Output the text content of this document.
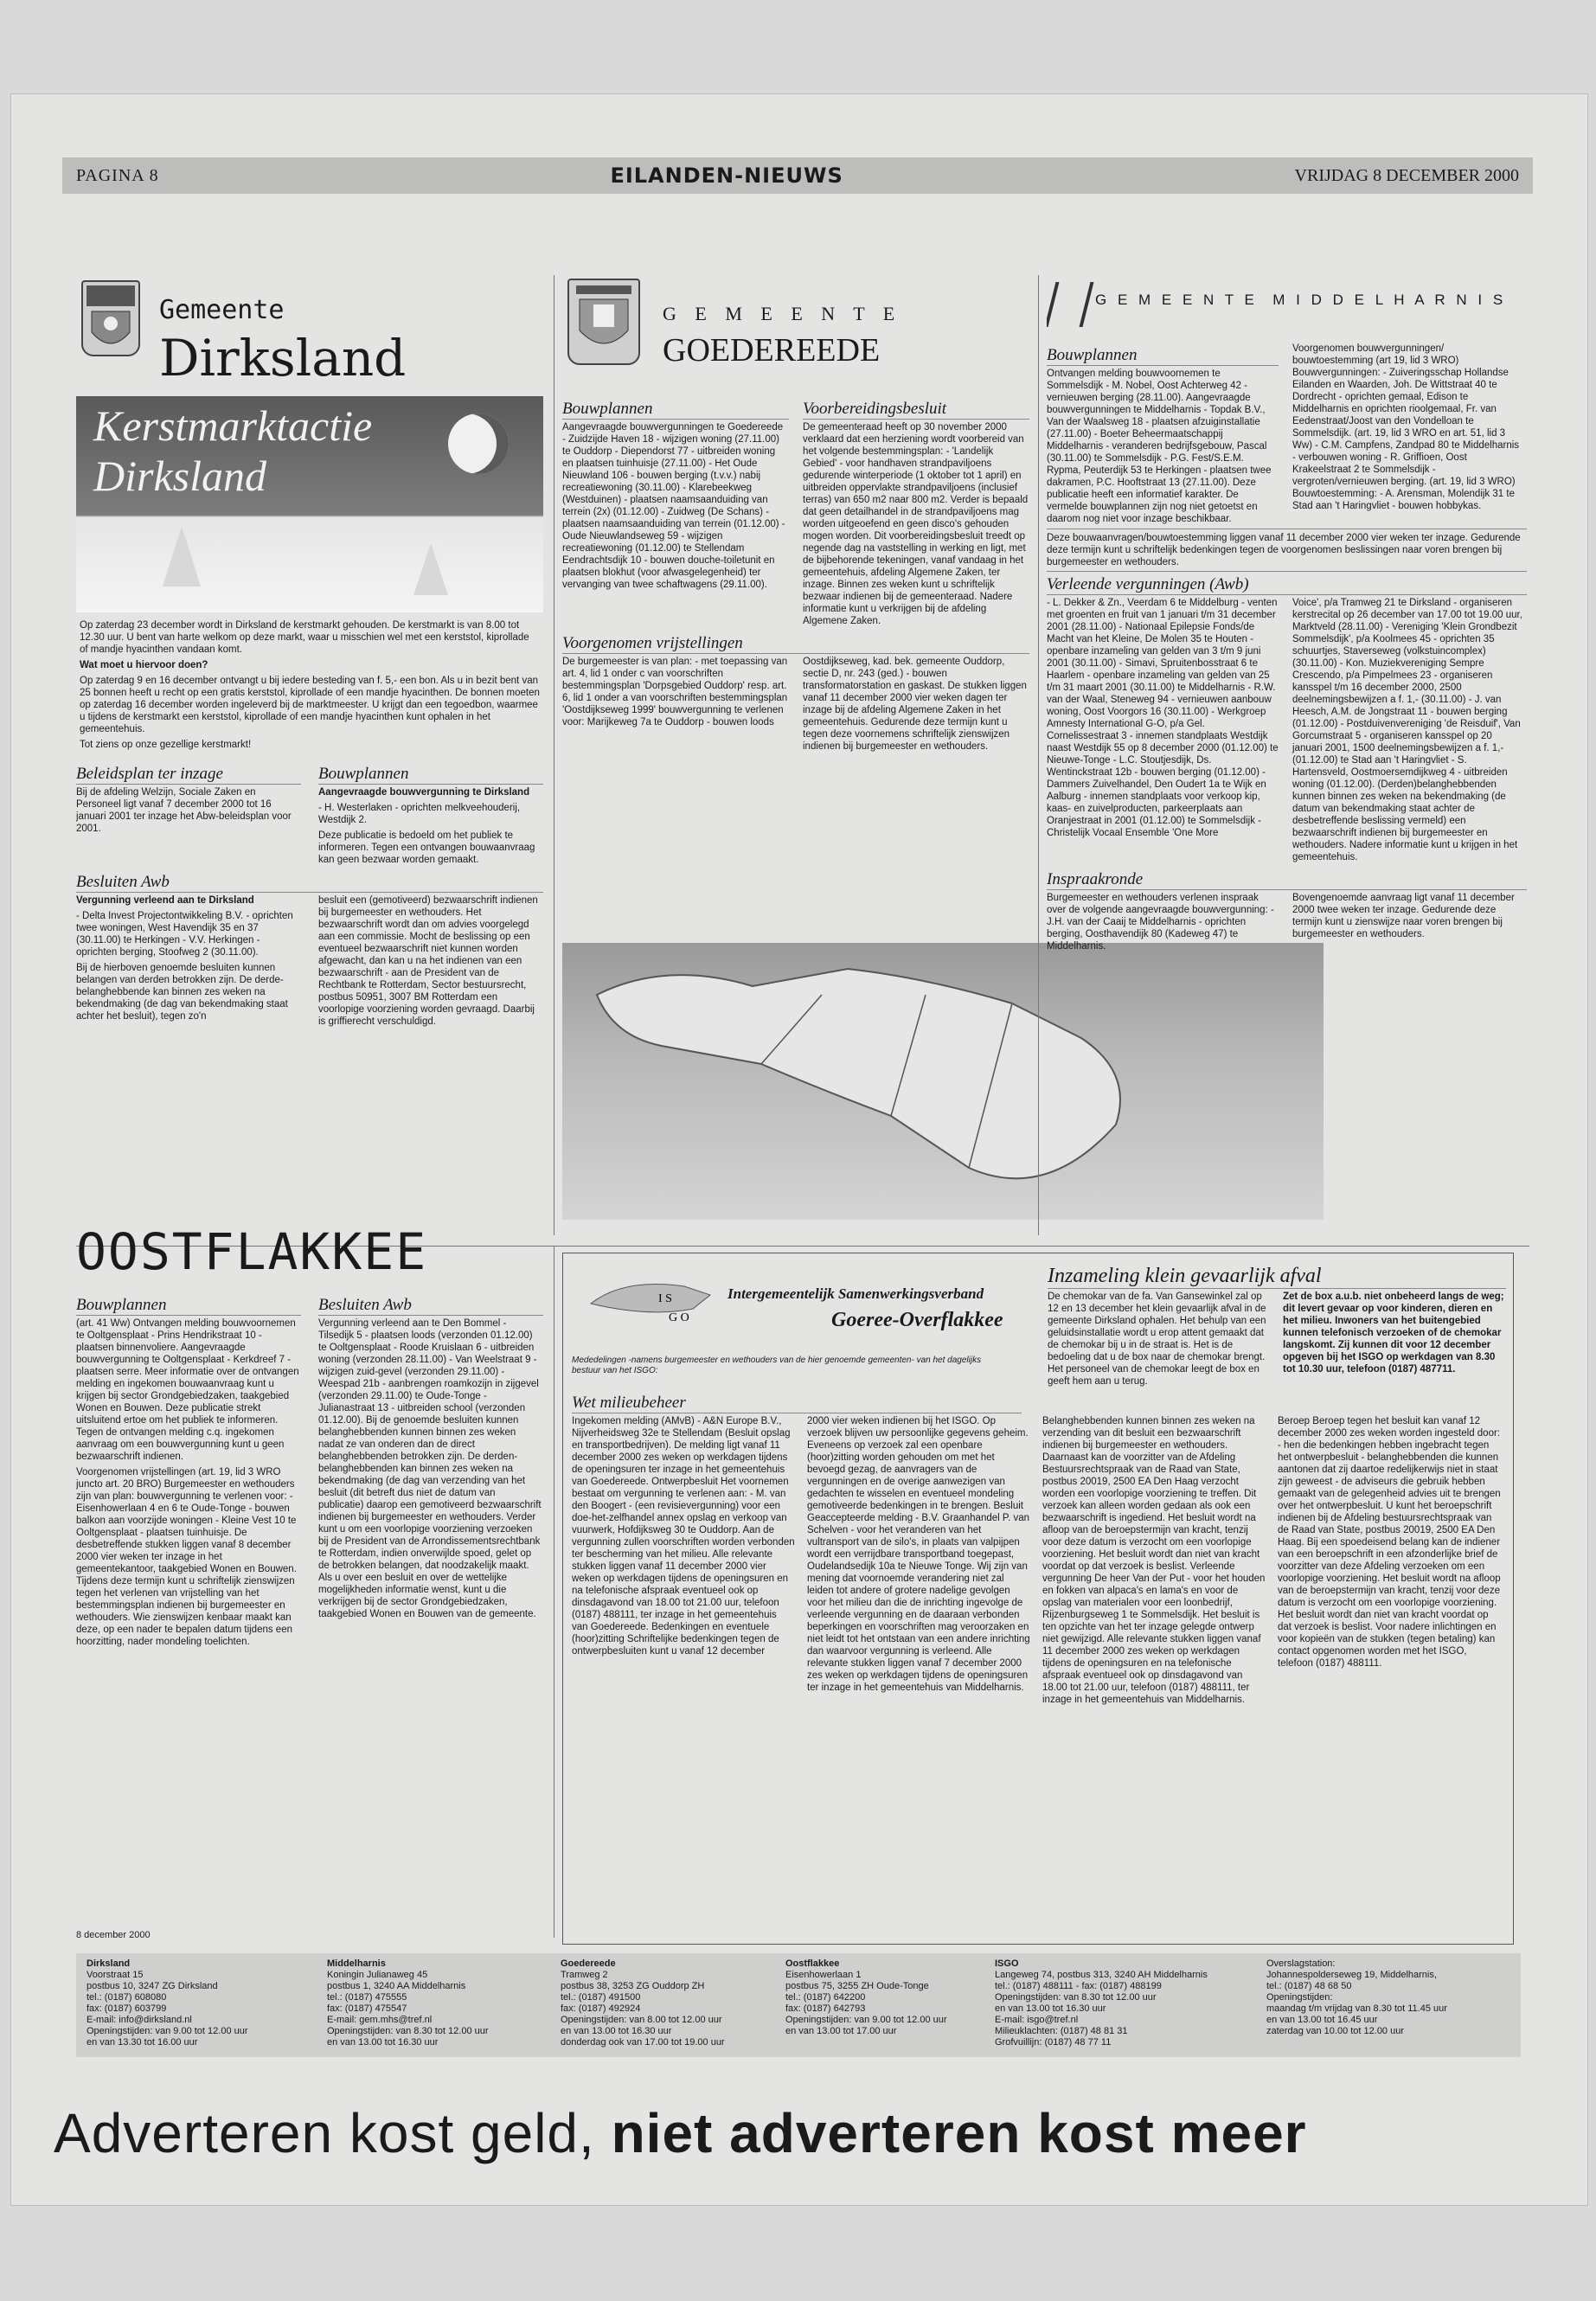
PAGINA 8	EILANDEN-NIEUWS	VRIJDAG 8 DECEMBER 2000
Gemeente
Dirksland
Kerstmarktactie
Dirksland

Op zaterdag 23 december wordt in Dirksland de kerstmarkt gehouden. De kerstmarkt is van 8.00 tot 12.30 uur. U bent van harte welkom op deze markt, waar u misschien wel met een kerststol, kiprollade of mandje hyacinthen vandaan komt.

Wat moet u hiervoor doen?

Op zaterdag 9 en 16 december ontvangt u bij iedere besteding van f. 5,- een bon. Als u in bezit bent van 25 bonnen heeft u recht op een gratis kerststol, kiprollade of een mandje hyacinthen. De bonnen moeten op zaterdag 16 december worden ingeleverd bij de marktmeester. U krijgt dan een tegoedbon, waarmee u tijdens de kerstmarkt een kerststol, kiprollade of een mandje hyacinthen kunt ophalen in het gemeentehuis.

Tot ziens op onze gezellige kerstmarkt!

Beleidsplan ter inzage

Bij de afdeling Welzijn, Sociale Zaken en Personeel ligt vanaf 7 december 2000 tot 16 januari 2001 ter inzage het Abw-beleidsplan voor 2001.

Bouwplannen

Aangevraagde bouwvergunning te Dirksland

- H. Westerlaken - oprichten melkveehouderij, Westdijk 2.

Deze publicatie is bedoeld om het publiek te informeren. Tegen een ontvangen bouwaanvraag kan geen bezwaar worden gemaakt.

Besluiten Awb

Vergunning verleend aan te Dirksland

- Delta Invest Projectontwikkeling B.V. - oprichten twee woningen, West Havendijk 35 en 37 (30.11.00) te Herkingen - V.V. Herkingen - oprichten berging, Stoofweg 2 (30.11.00).

Bij de hierboven genoemde besluiten kunnen belangen van derden betrokken zijn. De derde-belanghebbende kan binnen zes weken na bekendmaking (de dag van bekendmaking staat achter het besluit), tegen zo'n

besluit een (gemotiveerd) bezwaarschrift indienen bij burgemeester en wethouders. Het bezwaarschrift wordt dan om advies voorgelegd aan een commissie. Mocht de beslissing op een eventueel bezwaarschrift niet kunnen worden afgewacht, dan kan u na het indienen van een bezwaarschrift - aan de President van de Rechtbank te Rotterdam, Sector bestuursrecht, postbus 50951, 3007 BM Rotterdam een voorlopige voorziening worden gevraagd. Daarbij is griffierecht verschuldigd.

G E M E E N T E
GOEDEREEDE
Bouwplannen

Aangevraagde bouwvergunningen te Goedereede - Zuidzijde Haven 18 - wijzigen woning (27.11.00) te Ouddorp - Diependorst 77 - uitbreiden woning en plaatsen tuinhuisje (27.11.00) - Het Oude Nieuwland 106 - bouwen berging (t.v.v.) nabij recreatiewoning (30.11.00) - Klarebeekweg (Westduinen) - plaatsen naamsaanduiding van terrein (2x) (01.12.00) - Zuidweg (De Schans) - plaatsen naamsaanduiding van terrein (01.12.00) - Oude Nieuwlandseweg 59 - wijzigen recreatiewoning (01.12.00) te Stellendam Eendrachtsdijk 10 - bouwen douche-toiletunit en plaatsen blokhut (voor afwasgelegenheid) ter vervanging van twee schaftwagens (29.11.00).

Voorbereidingsbesluit

De gemeenteraad heeft op 30 november 2000 verklaard dat een herziening wordt voorbereid van het volgende bestemmingsplan: - 'Landelijk Gebied' - voor handhaven strandpaviljoens gedurende winterperiode (1 oktober tot 1 april) en uitbreiden oppervlakte strandpaviljoens (inclusief terras) van 650 m2 naar 800 m2. Verder is bepaald dat geen detailhandel in de strandpaviljoens mag worden uitgeoefend en geen disco's gehouden mogen worden. Dit voorbereidingsbesluit treedt op negende dag na vaststelling in werking en ligt, met de bijbehorende tekeningen, vanaf vandaag in het gemeentehuis, afdeling Algemene Zaken, ter inzage. Binnen zes weken kunt u schriftelijk bezwaar indienen bij de gemeenteraad. Nadere informatie kunt u verkrijgen bij de afdeling Algemene Zaken.

Voorgenomen vrijstellingen

De burgemeester is van plan: - met toepassing van art. 4, lid 1 onder c van voorschriften bestemmingsplan 'Dorpsgebied Ouddorp' resp. art. 6, lid 1 onder a van voorschriften bestemmingsplan 'Oostdijkseweg 1999' bouwvergunning te verlenen voor: Marijkeweg 7a te Ouddorp - bouwen loods

Oostdijkseweg, kad. bek. gemeente Ouddorp, sectie D, nr. 243 (ged.) - bouwen transformatorstation en gaskast. De stukken liggen vanaf 11 december 2000 vier weken dagen ter inzage bij de afdeling Algemene Zaken in het gemeentehuis. Gedurende deze termijn kunt u tegen deze voornemens schriftelijk zienswijzen indienen bij burgemeester en wethouders.

G E M E E N T E  M I D D E L H A R N I S
Bouwplannen

Ontvangen melding bouwvoornemen te Sommelsdijk - M. Nobel, Oost Achterweg 42 - vernieuwen berging (28.11.00). Aangevraagde bouwvergunningen te Middelharnis - Topdak B.V., Van der Waalsweg 18 - plaatsen afzuiginstallatie (27.11.00) - Boeter Beheermaatschappij Middelharnis - veranderen bedrijfsgebouw, Pascal (30.11.00) te Sommelsdijk - P.G. Fest/S.E.M. Rypma, Peuterdijk 53 te Herkingen - plaatsen twee dakramen, P.C. Hooftstraat 13 (27.11.00). Deze publicatie heeft een informatief karakter. De vermelde bouwplannen zijn nog niet getoetst en daarom nog niet voor inzage beschikbaar.

Voorgenomen bouwvergunningen/ bouwtoestemming (art 19, lid 3 WRO) Bouwvergunningen: - Zuiveringsschap Hollandse Eilanden en Waarden, Joh. De Wittstraat 40 te Dordrecht - oprichten gemaal, Edison te Middelharnis en oprichten rioolgemaal, Fr. van Eedenstraat/Joost van den Vondelloan te Sommelsdijk. (art. 19, lid 3 WRO en art. 51, lid 3 Ww) - C.M. Campfens, Zandpad 80 te Middelharnis - verbouwen woning - R. Griffioen, Oost Krakeelstraat 2 te Sommelsdijk - vergroten/vernieuwen berging. (art. 19, lid 3 WRO) Bouwtoestemming: - A. Arensman, Molendijk 31 te Stad aan 't Haringvliet - bouwen hobbykas.

Deze bouwaanvragen/bouwtoestemming liggen vanaf 11 december 2000 vier weken ter inzage. Gedurende deze termijn kunt u schriftelijk bedenkingen tegen de voorgenomen beslissingen naar voren brengen bij burgemeester en wethouders.

Verleende vergunningen (Awb)

- L. Dekker & Zn., Veerdam 6 te Middelburg - venten met groenten en fruit van 1 januari t/m 31 december 2001 (28.11.00) - Nationaal Epilepsie Fonds/de Macht van het Kleine, De Molen 35 te Houten - openbare inzameling van gelden van 3 t/m 9 juni 2001 (30.11.00) - Simavi, Spruitenbosstraat 6 te Haarlem - openbare inzameling van gelden van 25 t/m 31 maart 2001 (30.11.00) te Middelharnis - R.W. van der Waal, Steneweg 94 - vernieuwen aanbouw woning, Oost Voorgors 16 (30.11.00) - Werkgroep Amnesty International G-O, p/a Gel. Cornelissestraat 3 - innemen standplaats Westdijk naast Westdijk 55 op 8 december 2000 (01.12.00) te Nieuwe-Tonge - L.C. Stoutjesdijk, Ds. Wentinckstraat 12b - bouwen berging (01.12.00) - Dammers Zuivelhandel, Den Oudert 1a te Wijk en Aalburg - innemen standplaats voor verkoop kip, kaas- en zuivelproducten, parkeerplaats aan Oranjestraat in 2001 (01.12.00) te Sommelsdijk - Christelijk Vocaal Ensemble 'One More

Voice', p/a Tramweg 21 te Dirksland - organiseren kerstrecital op 26 december van 17.00 tot 19.00 uur, Marktveld (28.11.00) - Vereniging 'Klein Grondbezit Sommelsdijk', p/a Koolmees 45 - oprichten 35 schuurtjes, Staverseweg (volkstuincomplex) (30.11.00) - Kon. Muziekvereniging Sempre Crescendo, p/a Pimpelmees 23 - organiseren kansspel t/m 16 december 2000, 2500 deelnemingsbewijzen a f. 1,- (30.11.00) - J. van Heesch, A.M. de Jongstraat 11 - bouwen berging (01.12.00) - Postduivenvereniging 'de Reisduif', Van Gorcumstraat 5 - organiseren kansspel op 20 januari 2001, 1500 deelnemingsbewijzen a f. 1,- (01.12.00) te Stad aan 't Haringvliet - S. Hartensveld, Oostmoersemdijkweg 4 - uitbreiden woning (01.12.00). (Derden)belanghebbenden kunnen binnen zes weken na bekendmaking (de datum van bekendmaking staat achter de desbetreffende beslissing vermeld) een bezwaarschrift indienen bij burgemeester en wethouders. Nadere informatie kunt u krijgen in het gemeentehuis.

Inspraakronde

Burgemeester en wethouders verlenen inspraak over de volgende aangevraagde bouwvergunning: - J.H. van der Caaij te Middelharnis - oprichten berging, Oosthavendijk 80 (Kadeweg 47) te Middelharnis.

Bovengenoemde aanvraag ligt vanaf 11 december 2000 twee weken ter inzage. Gedurende deze termijn kunt u zienswijze naar voren brengen bij burgemeester en wethouders.

OOSTFLAKKEE
Bouwplannen

(art. 41 Ww) Ontvangen melding bouwvoornemen te Ooltgensplaat - Prins Hendrikstraat 10 - plaatsen binnenvoliere. Aangevraagde bouwvergunning te Ooltgensplaat - Kerkdreef 7 - plaatsen serre. Meer informatie over de ontvangen melding en ingekomen bouwaanvraag kunt u krijgen bij sector Grondgebiedzaken, taakgebied Wonen en Bouwen. Deze publicatie strekt uitsluitend ertoe om het publiek te informeren. Tegen de ontvangen melding c.q. ingekomen aanvraag om een bouwvergunning kunt u geen bezwaarschrift indienen.

Voorgenomen vrijstellingen (art. 19, lid 3 WRO juncto art. 20 BRO) Burgemeester en wethouders zijn van plan: bouwvergunning te verlenen voor: - Eisenhowerlaan 4 en 6 te Oude-Tonge - bouwen balkon aan voorzijde woningen - Kleine Vest 10 te Ooltgensplaat - plaatsen tuinhuisje. De desbetreffende stukken liggen vanaf 8 december 2000 vier weken ter inzage in het gemeentekantoor, taakgebied Wonen en Bouwen. Tijdens deze termijn kunt u schriftelijk zienswijzen tegen het verlenen van vrijstelling van het bestemmingsplan indienen bij burgemeester en wethouders. Wie zienswijzen kenbaar maakt kan deze, op een nader te bepalen datum tijdens een hoorzitting, nader mondeling toelichten.

Besluiten Awb

Vergunning verleend aan te Den Bommel - Tilsedijk 5 - plaatsen loods (verzonden 01.12.00) te Ooltgensplaat - Roode Kruislaan 6 - uitbreiden woning (verzonden 28.11.00) - Van Weelstraat 9 - wijzigen zuid-gevel (verzonden 29.11.00) - Weespad 21b - aanbrengen roamkozijn in zijgevel (verzonden 29.11.00) te Oude-Tonge - Julianastraat 13 - uitbreiden school (verzonden 01.12.00). Bij de genoemde besluiten kunnen belanghebbenden kunnen binnen zes weken nadat ze van onderen dan de direct belanghebbenden betrokken zijn. De derden-belanghebbenden kan binnen zes weken na bekendmaking (de dag van verzending van het besluit (dit betreft dus niet de datum van publicatie) daarop een gemotiveerd bezwaarschrift indienen bij burgemeester en wethouders. Verder kunt u om een voorlopige voorziening verzoeken bij de President van de Arrondissementsrechtbank te Rotterdam, indien onverwijlde spoed, gelet op de betrokken belangen, dat noodzakelijk maakt. Als u over een besluit en over de wettelijke mogelijkheden informatie wenst, kunt u die verkrijgen bij de sector Grondgebiedzaken, taakgebied Wonen en Bouwen van de gemeente.

8 december 2000
I S
G O
Intergemeentelijk Samenwerkingsverband
Goeree-Overflakkee

Mededelingen -namens burgemeester en wethouders van de hier genoemde gemeenten- van het dagelijks bestuur van het ISGO:

Inzameling klein gevaarlijk afval

De chemokar van de fa. Van Gansewinkel zal op 12 en 13 december het klein gevaarlijk afval in de gemeente Dirksland ophalen. Het behulp van een geluidsinstallatie wordt u erop attent gemaakt dat de chemokar bij u in de straat is. Het is de bedoeling dat u de box naar de chemokar brengt. Het personeel van de chemokar leegt de box en geeft hem aan u terug.

Zet de box a.u.b. niet onbeheerd langs de weg; dit levert gevaar op voor kinderen, dieren en het milieu. Inwoners van het buitengebied kunnen telefonisch verzoeken of de chemokar langskomt. Zij kunnen dit voor 12 december opgeven bij het ISGO op werkdagen van 8.30 tot 10.30 uur, telefoon (0187) 487711.

Wet milieubeheer

Ingekomen melding (AMvB) - A&N Europe B.V., Nijverheidsweg 32e te Stellendam (Besluit opslag en transportbedrijven). De melding ligt vanaf 11 december 2000 zes weken op werkdagen tijdens de openingsuren ter inzage in het gemeentehuis van Goedereede. Ontwerpbesluit Het voornemen bestaat om vergunning te verlenen aan: - M. van den Boogert - (een revisievergunning) voor een doe-het-zelfhandel annex opslag en verkoop van vuurwerk, Hofdijksweg 30 te Ouddorp. Aan de vergunning zullen voorschriften worden verbonden ter bescherming van het milieu. Alle relevante stukken liggen vanaf 11 december 2000 vier weken op werkdagen tijdens de openingsuren en na telefonische afspraak eventueel ook op dinsdagavond van 18.00 tot 21.00 uur, telefoon (0187) 488111, ter inzage in het gemeentehuis van Goedereede. Bedenkingen en eventuele (hoor)zitting Schriftelijke bedenkingen tegen de ontwerpbesluiten kunt u vanaf 12 december

2000 vier weken indienen bij het ISGO. Op verzoek blijven uw persoonlijke gegevens geheim. Eveneens op verzoek zal een openbare (hoor)zitting worden gehouden om met het bevoegd gezag, de aanvragers van de vergunningen en de overige aanwezigen van gedachten te wisselen en eventueel mondeling gemotiveerde bedenkingen in te brengen. Besluit Geaccepteerde melding - B.V. Graanhandel P. van Schelven - voor het veranderen van het vultransport van de silo's, in plaats van valpijpen wordt een verrijdbare transportband toegepast, Oudelandsedijk 10a te Nieuwe Tonge. Wij zijn van mening dat voornoemde verandering niet zal leiden tot andere of grotere nadelige gevolgen voor het milieu dan die de inrichting ingevolge de verleende vergunning en de daaraan verbonden beperkingen en voorschriften mag veroorzaken en niet leidt tot het ontstaan van een andere inrichting dan waarvoor vergunning is verleend. Alle relevante stukken liggen vanaf 7 december 2000 zes weken op werkdagen tijdens de openingsuren ter inzage in het gemeentehuis van Middelharnis.

Belanghebbenden kunnen binnen zes weken na verzending van dit besluit een bezwaarschrift indienen bij burgemeester en wethouders. Daarnaast kan de voorzitter van de Afdeling Bestuursrechtspraak van de Raad van State, postbus 20019, 2500 EA Den Haag verzocht worden een voorlopige voorziening te treffen. Dit verzoek kan alleen worden gedaan als ook een bezwaarschrift is ingediend. Het besluit wordt na afloop van de beroepstermijn van kracht, tenzij voor deze datum is verzocht om een voorlopige voorziening. Het besluit wordt dan niet van kracht voordat op dat verzoek is beslist. Verleende vergunning De heer Van der Put - voor het houden en fokken van alpaca's en lama's en voor de opslag van materialen voor een loonbedrijf, Rijzenburgseweg 1 te Sommelsdijk. Het besluit is ten opzichte van het ter inzage gelegde ontwerp niet gewijzigd. Alle relevante stukken liggen vanaf 11 december 2000 zes weken op werkdagen tijdens de openingsuren en na telefonische afspraak eventueel ook op dinsdagavond van 18.00 tot 21.00 uur, telefoon (0187) 488111, ter inzage in het gemeentehuis van Middelharnis.

Beroep Beroep tegen het besluit kan vanaf 12 december 2000 zes weken worden ingesteld door: - hen die bedenkingen hebben ingebracht tegen het ontwerpbesluit - belanghebbenden die kunnen aantonen dat zij daartoe redelijkerwijs niet in staat zijn geweest - de adviseurs die gebruik hebben gemaakt van de gelegenheid advies uit te brengen over het ontwerpbesluit. U kunt het beroepschrift indienen bij de Afdeling bestuursrechtspraak van de Raad van State, postbus 20019, 2500 EA Den Haag. Bij een spoedeisend belang kan de indiener van een beroepschrift in een afzonderlijke brief de voorzitter van deze Afdeling verzoeken om een voorlopige voorziening. Het besluit wordt na afloop van de beroepstermijn van kracht, tenzij voor deze datum is verzocht om een voorlopige voorziening. Het besluit wordt dan niet van kracht voordat op dat verzoek is beslist. Voor nadere inlichtingen en voor kopieën van de stukken (tegen betaling) kan contact opgenomen worden met het ISGO, telefoon (0187) 488111.

Dirksland
Voorstraat 15
postbus 10, 3247 ZG Dirksland
tel.: (0187) 608080
fax: (0187) 603799
E-mail: info@dirksland.nl
Openingstijden: van 9.00 tot 12.00 uur
en van 13.30 tot 16.00 uur
Middelharnis
Koningin Julianaweg 45
postbus 1, 3240 AA Middelharnis
tel.: (0187) 475555
fax: (0187) 475547
E-mail: gem.mhs@tref.nl
Openingstijden: van 8.30 tot 12.00 uur
en van 13.00 tot 16.30 uur
Goedereede
Tramweg 2
postbus 38, 3253 ZG Ouddorp ZH
tel.: (0187) 491500
fax: (0187) 492924
Openingstijden: van 8.00 tot 12.00 uur
en van 13.00 tot 16.30 uur
donderdag ook van 17.00 tot 19.00 uur
Oostflakkee
Eisenhowerlaan 1
postbus 75, 3255 ZH Oude-Tonge
tel.: (0187) 642200
fax: (0187) 642793
Openingstijden: van 9.00 tot 12.00 uur
en van 13.00 tot 17.00 uur
ISGO
Langeweg 74, postbus 313, 3240 AH Middelharnis
tel.: (0187) 488111 - fax: (0187) 488199
Openingstijden: van 8.30 tot 12.00 uur
en van 13.00 tot 16.30 uur
E-mail: isgo@tref.nl
Milieuklachten: (0187) 48 81 31
Grofvuillijn: (0187) 48 77 11
Overslagstation:
Johannespolderseweg 19, Middelharnis,
tel.: (0187) 48 68 50
Openingstijden:
maandag t/m vrijdag van 8.30 tot 11.45 uur
en van 13.00 tot 16.45 uur
zaterdag van 10.00 tot 12.00 uur
Adverteren kost geld, niet adverteren kost meer
